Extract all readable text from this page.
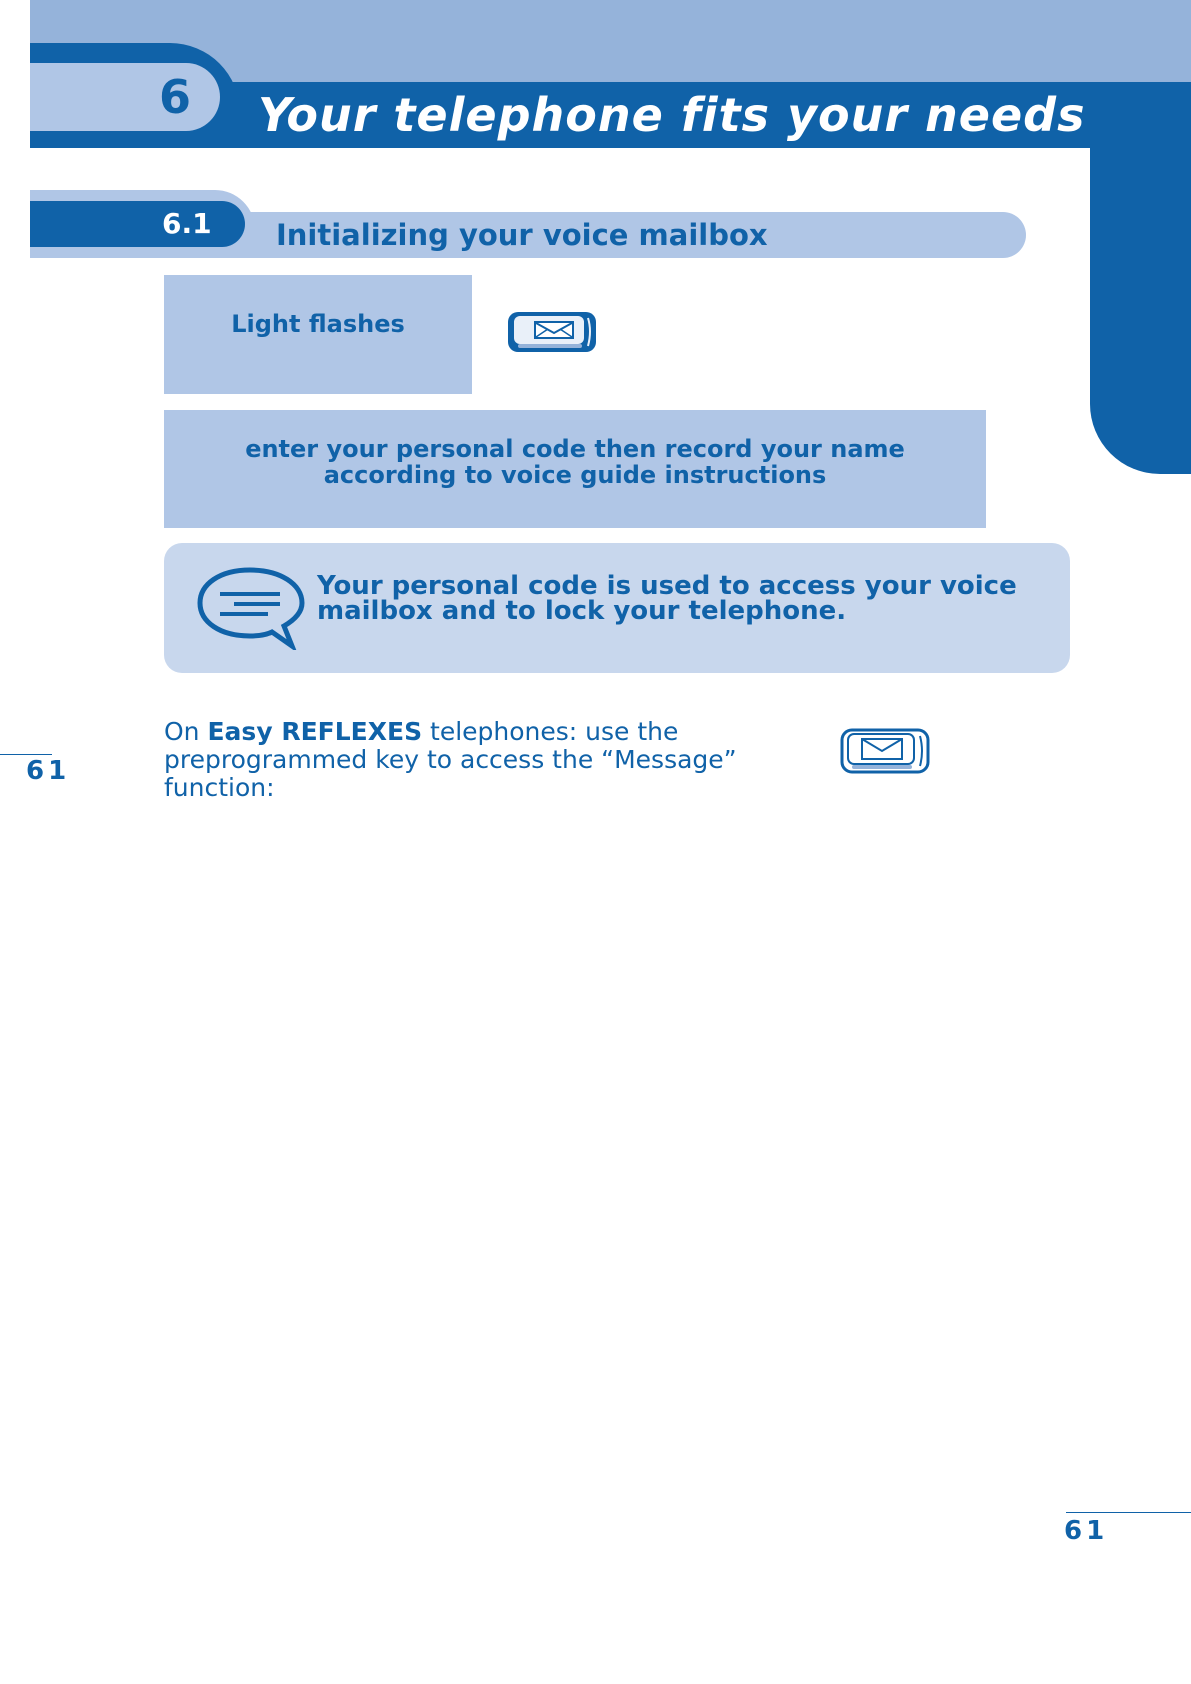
6	Your telephone fits your needs
6.1 Initializing your voice mailbox
Light flashes

enter your personal code then record your name according to voice guide instructions

Your personal code is used to access your voice mailbox and to lock your telephone.
On Easy REFLEXES telephones: use the preprogrammed key to access the “Message” function:
61
61
